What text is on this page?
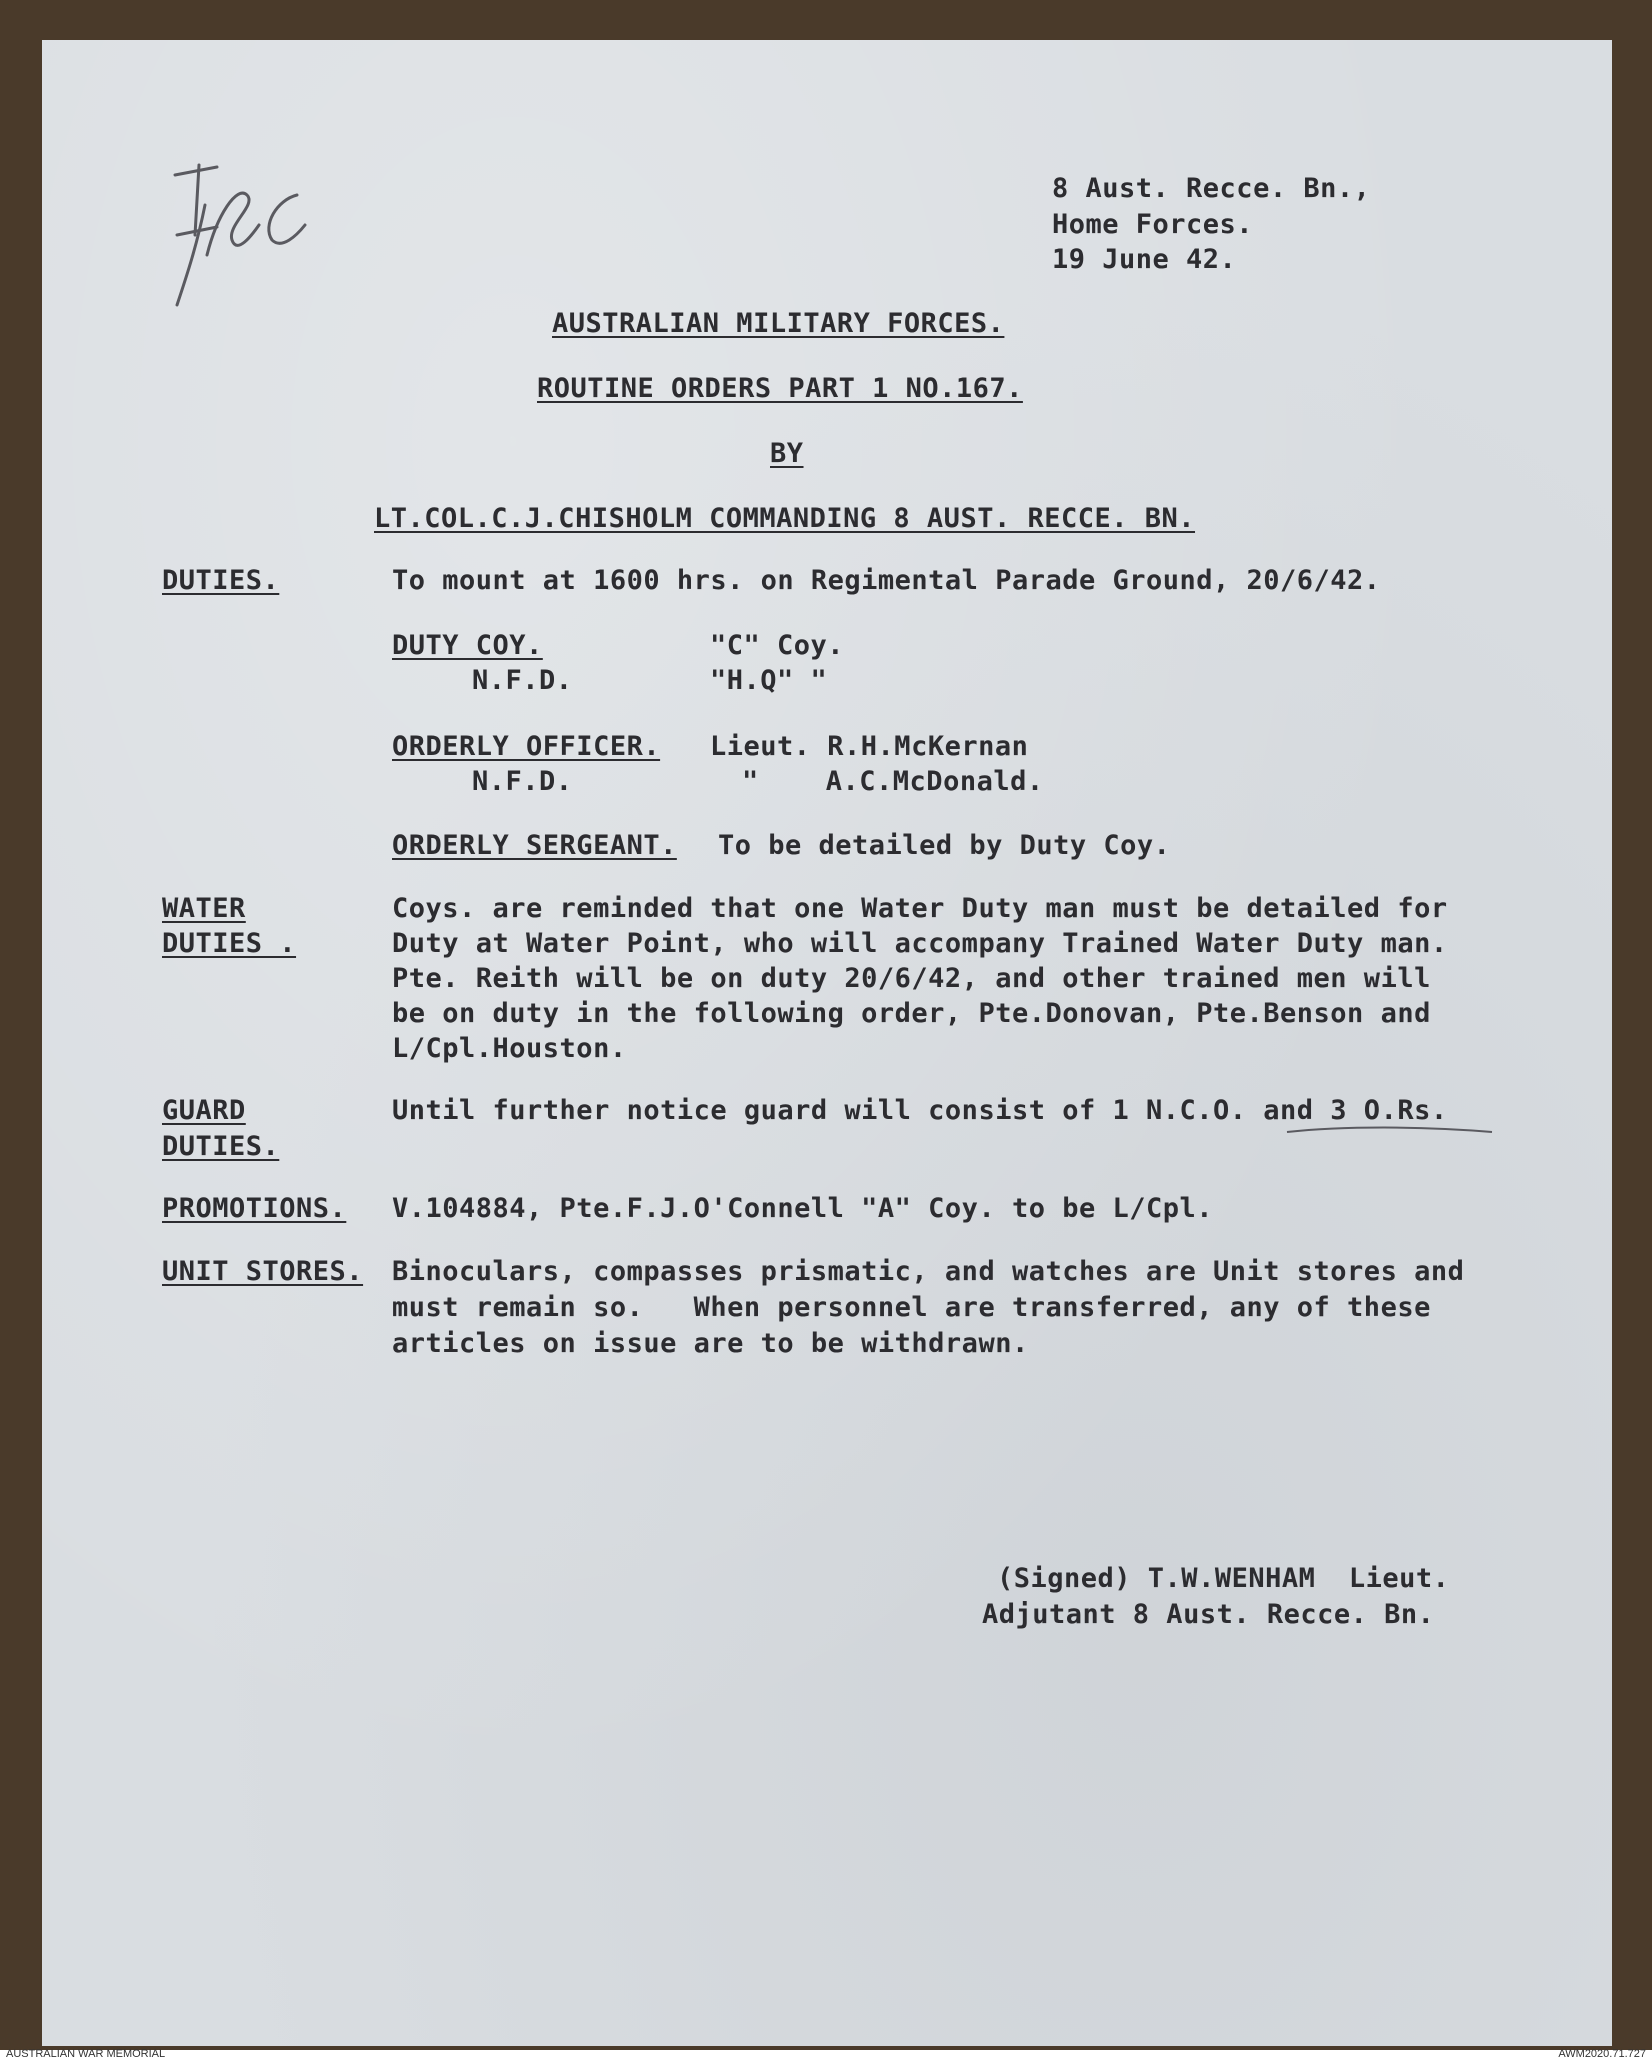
8 Aust. Recce. Bn.,
Home Forces.
19 June 42.
AUSTRALIAN MILITARY FORCES.
ROUTINE ORDERS PART 1 NO.167.
BY
LT.COL.C.J.CHISHOLM COMMANDING 8 AUST. RECCE. BN.
DUTIES.	To mount at 1600 hrs. on Regimental Parade Ground, 20/6/42.
DUTY COY.	"C" Coy.
N.F.D.	"H.Q" "
ORDERLY OFFICER. Lieut. R.H.McKernan
N.F.D.	"    A.C.McDonald.
ORDERLY SERGEANT. To be detailed by Duty Coy.
WATER
DUTIES .
Coys. are reminded that one Water Duty man must be detailed for
Duty at Water Point, who will accompany Trained Water Duty man.
Pte. Reith will be on duty 20/6/42, and other trained men will
be on duty in the following order, Pte.Donovan, Pte.Benson and
L/Cpl.Houston.
GUARD
DUTIES.
Until further notice guard will consist of 1 N.C.O. and 3 O.Rs.
PROMOTIONS. V.104884, Pte.F.J.O'Connell "A" Coy. to be L/Cpl.
UNIT STORES. Binoculars, compasses prismatic, and watches are Unit stores and
must remain so.   When personnel are transferred, any of these
articles on issue are to be withdrawn.
(Signed) T.W.WENHAM  Lieut.
Adjutant 8 Aust. Recce. Bn.
AUSTRALIAN WAR MEMORIAL	AWM2020.71.727
